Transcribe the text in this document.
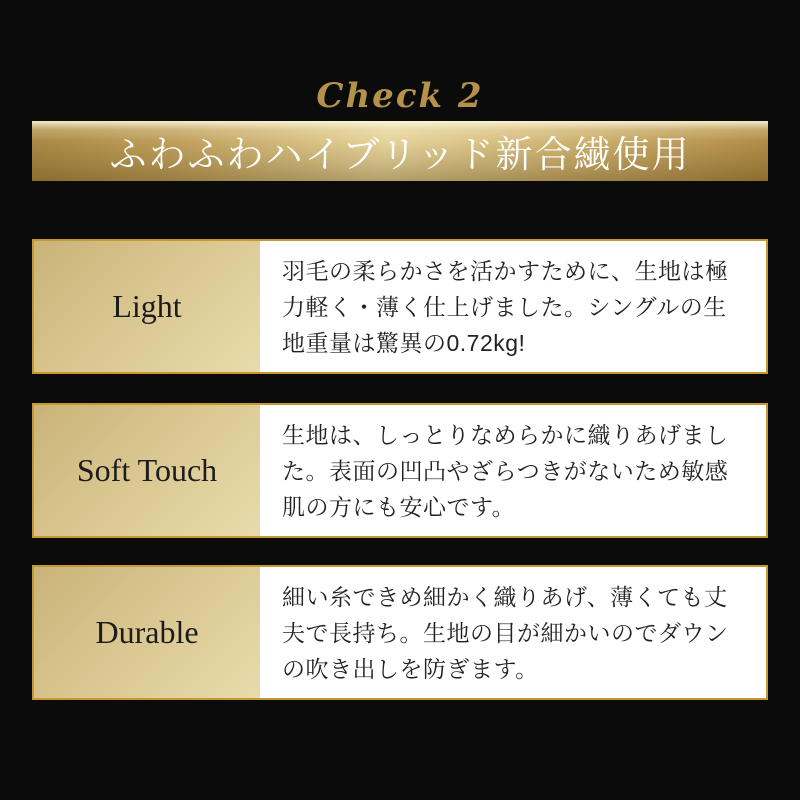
Check 2
ふわふわハイブリッド新合繊使用
Light
羽毛の柔らかさを活かすために、生地は極力軽く・薄く仕上げました。シングルの生地重量は驚異の0.72kg!
Soft Touch
生地は、しっとりなめらかに織りあげました。表面の凹凸やざらつきがないため敏感肌の方にも安心です。
Durable
細い糸できめ細かく織りあげ、薄くても丈夫で長持ち。生地の目が細かいのでダウンの吹き出しを防ぎます。
